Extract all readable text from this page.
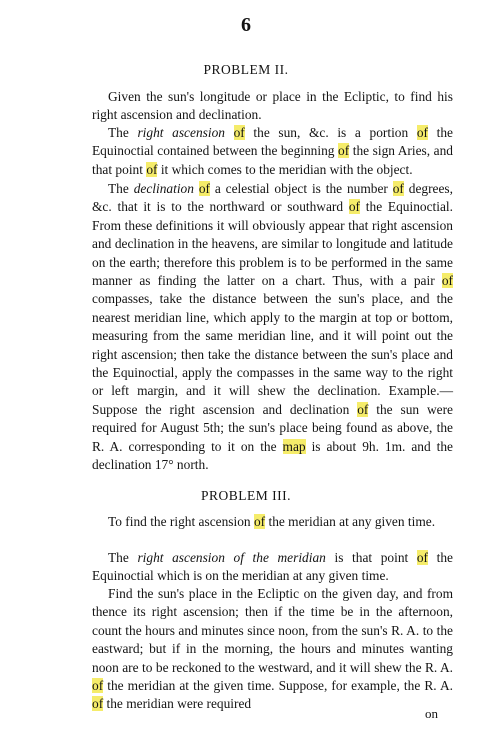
6
PROBLEM II.
Given the sun's longitude or place in the Ecliptic, to find his right ascension and declination.
The right ascension of the sun, &c. is a portion of the Equinoctial contained between the beginning of the sign Aries, and that point of it which comes to the meridian with the object.
The declination of a celestial object is the number of degrees, &c. that it is to the northward or southward of the Equinoctial. From these definitions it will obviously appear that right ascension and declination in the heavens, are similar to longitude and latitude on the earth; therefore this problem is to be performed in the same manner as finding the latter on a chart. Thus, with a pair of compasses, take the distance between the sun's place, and the nearest meridian line, which apply to the margin at top or bottom, measuring from the same meridian line, and it will point out the right ascension; then take the distance between the sun's place and the Equinoctial, apply the compasses in the same way to the right or left margin, and it will shew the declination. Example.—Suppose the right ascension and declination of the sun were required for August 5th; the sun's place being found as above, the R. A. corresponding to it on the map is about 9h. 1m. and the declination 17° north.
PROBLEM III.
To find the right ascension of the meridian at any given time.
The right ascension of the meridian is that point of the Equinoctial which is on the meridian at any given time.
Find the sun's place in the Ecliptic on the given day, and from thence its right ascension; then if the time be in the afternoon, count the hours and minutes since noon, from the sun's R. A. to the eastward; but if in the morning, the hours and minutes wanting noon are to be reckoned to the westward, and it will shew the R. A. of the meridian at the given time. Suppose, for example, the R. A. of the meridian were required
on
